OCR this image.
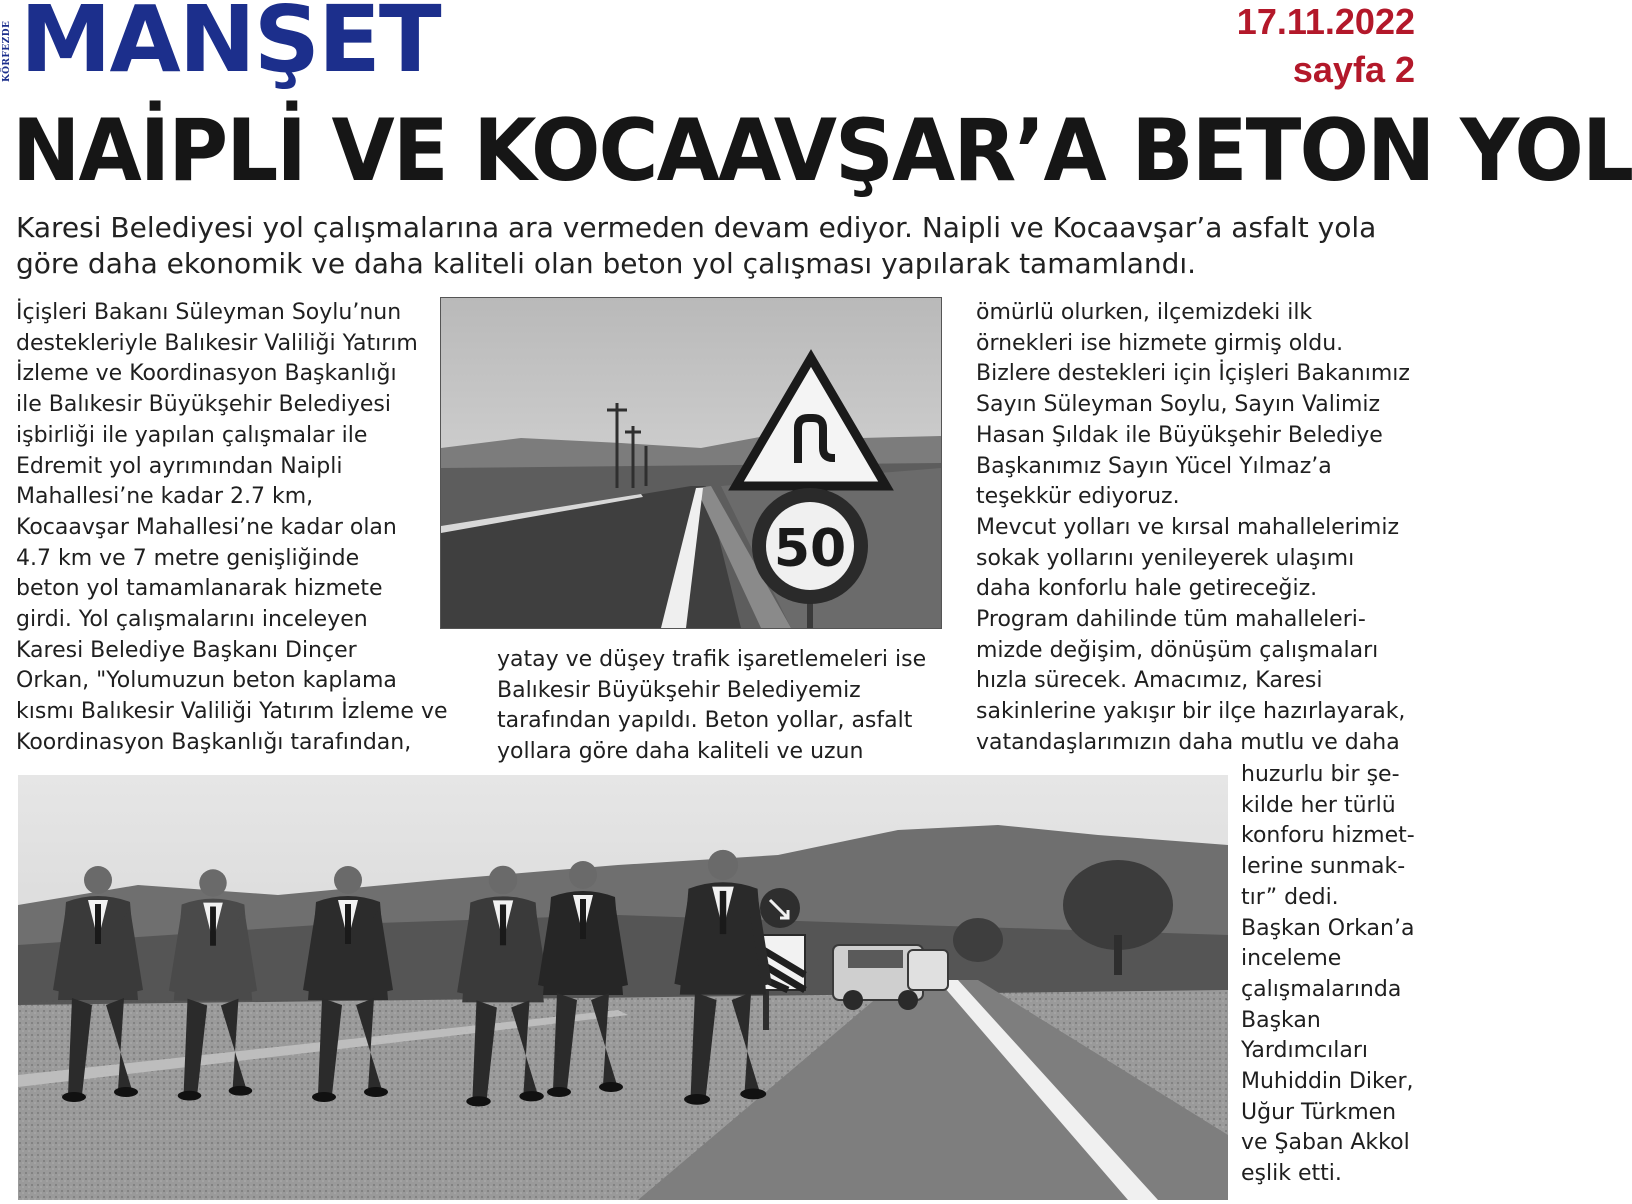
KÖRFEZDE MANŞET	17.11.2022
sayfa 2
NAİPLİ VE KOCAAVŞAR’A BETON YOL
Karesi Belediyesi yol çalışmalarına ara vermeden devam ediyor. Naipli ve Kocaavşar’a asfalt yola göre daha ekonomik ve daha kaliteli olan beton yol çalışması yapılarak tamamlandı.

İçişleri Bakanı Süleyman Soylu’nun

destekleriyle Balıkesir Valiliği Yatırım

İzleme ve Koordinasyon Başkanlığı

ile Balıkesir Büyükşehir Belediyesi

işbirliği ile yapılan çalışmalar ile

Edremit yol ayrımından Naipli

Mahallesi’ne kadar 2.7 km,

Kocaavşar Mahallesi’ne kadar olan

4.7 km ve 7 metre genişliğinde

beton yol tamamlanarak hizmete

girdi. Yol çalışmalarını inceleyen

Karesi Belediye Başkanı Dinçer

Orkan, "Yolumuzun beton kaplama

kısmı Balıkesir Valiliği Yatırım İzleme ve

Koordinasyon Başkanlığı tarafından,

50

yatay ve düşey trafik işaretlemeleri ise

Balıkesir Büyükşehir Belediyemiz

tarafından yapıldı. Beton yollar, asfalt

yollara göre daha kaliteli ve uzun

ömürlü olurken, ilçemizdeki ilk

örnekleri ise hizmete girmiş oldu.

Bizlere destekleri için İçişleri Bakanımız

Sayın Süleyman Soylu, Sayın Valimiz

Hasan Şıldak ile Büyükşehir Belediye

Başkanımız Sayın Yücel Yılmaz’a

teşekkür ediyoruz.

Mevcut yolları ve kırsal mahallelerimiz

sokak yollarını yenileyerek ulaşımı

daha konforlu hale getireceğiz.

Program dahilinde tüm mahalleleri-

mizde değişim, dönüşüm çalışmaları

hızla sürecek. Amacımız, Karesi

sakinlerine yakışır bir ilçe hazırlayarak,

vatandaşlarımızın daha mutlu ve daha

huzurlu bir şe-

kilde her türlü

konforu hizmet-

lerine sunmak-

tır” dedi.

Başkan Orkan’a

inceleme

çalışmalarında

Başkan

Yardımcıları

Muhiddin Diker,

Uğur Türkmen

ve Şaban Akkol

eşlik etti.
